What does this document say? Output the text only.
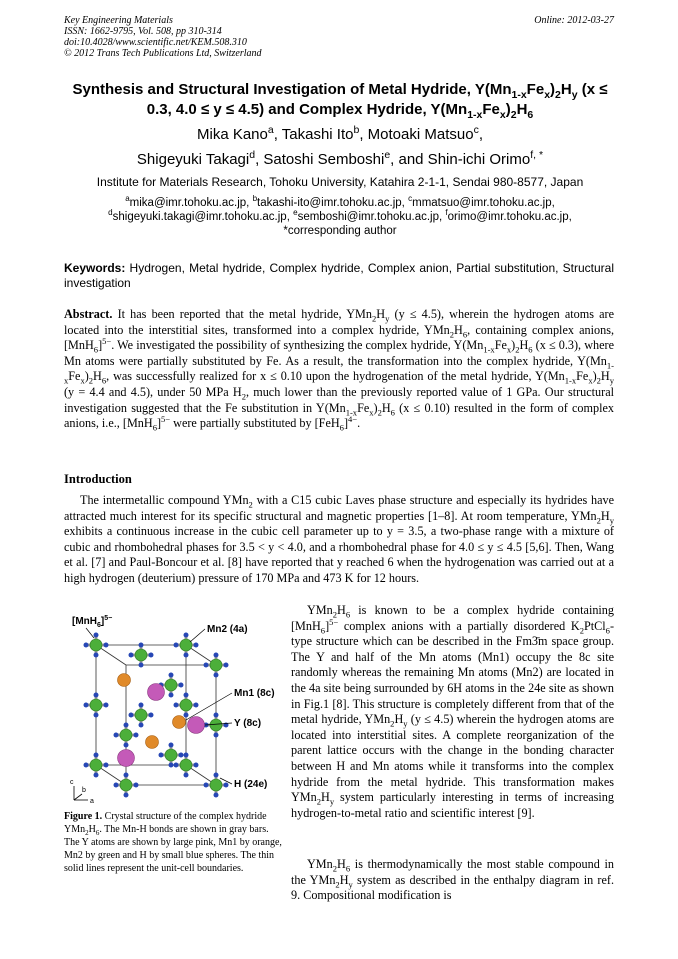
Key Engineering Materials
ISSN: 1662-9795, Vol. 508, pp 310-314
doi:10.4028/www.scientific.net/KEM.508.310
© 2012 Trans Tech Publications Ltd, Switzerland
Online: 2012-03-27
Synthesis and Structural Investigation of Metal Hydride, $Y(Mn_{1-x}Fe_x)_2H_y$ (x ≤ 0.3, 4.0 ≤ y ≤ 4.5) and Complex Hydride, $Y(Mn_{1-x}Fe_x)_2H_6$
Mika Kano$^a$, Takashi Ito$^b$, Motoaki Matsuo$^c$,
Shigeyuki Takagi$^d$, Satoshi Semboshi$^e$, and Shin-ichi Orimo$^{f, *}$
Institute for Materials Research, Tohoku University, Katahira 2-1-1, Sendai 980-8577, Japan
$^a$mika@imr.tohoku.ac.jp, $^b$takashi-ito@imr.tohoku.ac.jp, $^c$mmatsuo@imr.tohoku.ac.jp,
$^d$shigeyuki.takagi@imr.tohoku.ac.jp, $^e$semboshi@imr.tohoku.ac.jp, $^f$orimo@imr.tohoku.ac.jp,
*corresponding author
Keywords: Hydrogen, Metal hydride, Complex hydride, Complex anion, Partial substitution, Structural investigation
Abstract. It has been reported that the metal hydride, $YMn_2H_y$ (y ≤ 4.5), wherein the hydrogen atoms are located into the interstitial sites, transformed into a complex hydride, $YMn_2H_6$, containing complex anions, $[MnH_6]^{5-}$. We investigated the possibility of synthesizing the complex hydride, $Y(Mn_{1-x}Fe_x)_2H_6$ (x ≤ 0.3), where Mn atoms were partially substituted by Fe. As a result, the transformation into the complex hydride, $Y(Mn_{1-x}Fe_x)_2H_6$, was successfully realized for x ≤ 0.10 upon the hydrogenation of the metal hydride, $Y(Mn_{1-x}Fe_x)_2H_y$ (y = 4.4 and 4.5), under 50 MPa $H_2$, much lower than the previously reported value of 1 GPa. Our structural investigation suggested that the Fe substitution in $Y(Mn_{1-x}Fe_x)_2H_6$ (x ≤ 0.10) resulted in the form of complex anions, i.e., $[MnH_6]^{5-}$ were partially substituted by $[FeH_6]^{4-}$.
Introduction
The intermetallic compound YMn$_2$ with a C15 cubic Laves phase structure and especially its hydrides have attracted much interest for its specific structural and magnetic properties [1–8]. At room temperature, $YMn_2H_y$ exhibits a continuous increase in the cubic cell parameter up to y = 3.5, a two-phase range with a mixture of cubic and rhombohedral phases for 3.5 < y < 4.0, and a rhombohedral phase for 4.0 ≤ y ≤ 4.5 [5,6]. Then, Wang et al. [7] and Paul-Boncour et al. [8] have reported that y reached 6 when the hydrogenation was carried out at a high hydrogen (deuterium) pressure of 170 MPa and 473 K for 12 hours.
$YMn_2H_6$ is known to be a complex hydride containing $[MnH_6]^{5-}$ complex anions with a partially disordered $K_2PtCl_6$-type structure which can be described in the Fm3̄m space group. The Y and half of the Mn atoms (Mn1) occupy the 8c site randomly whereas the remaining Mn atoms (Mn2) are located in the 4a site being surrounded by 6H atoms in the 24e site as shown in Fig.1 [8]. This structure is completely different from that of the metal hydride, $YMn_2H_y$ (y ≤ 4.5) wherein the hydrogen atoms are located into interstitial sites. A complete reorganization of the parent lattice occurs with the change in the bonding character between H and Mn atoms while it transforms into the complex hydride from the metal hydride. This transformation makes $YMn_2H_y$ system particularly interesting in terms of increasing hydrogen-to-metal ratio and scientific interest [9].
$YMn_2H_6$ is thermodynamically the most stable compound in the $YMn_2H_y$ system as described in the enthalpy diagram in ref. 9. Compositional modification is
$[MnH_6]^{5-}$
Mn2 (4a)
Mn1 (8c)
Y (8c)
H (24e)
c
b
a
Figure 1. Crystal structure of the complex hydride $YMn_2H_6$. The Mn-H bonds are shown in gray bars. The Y atoms are shown by large pink, Mn1 by orange, Mn2 by green and H by small blue spheres. The thin solid lines represent the unit-cell boundaries.
